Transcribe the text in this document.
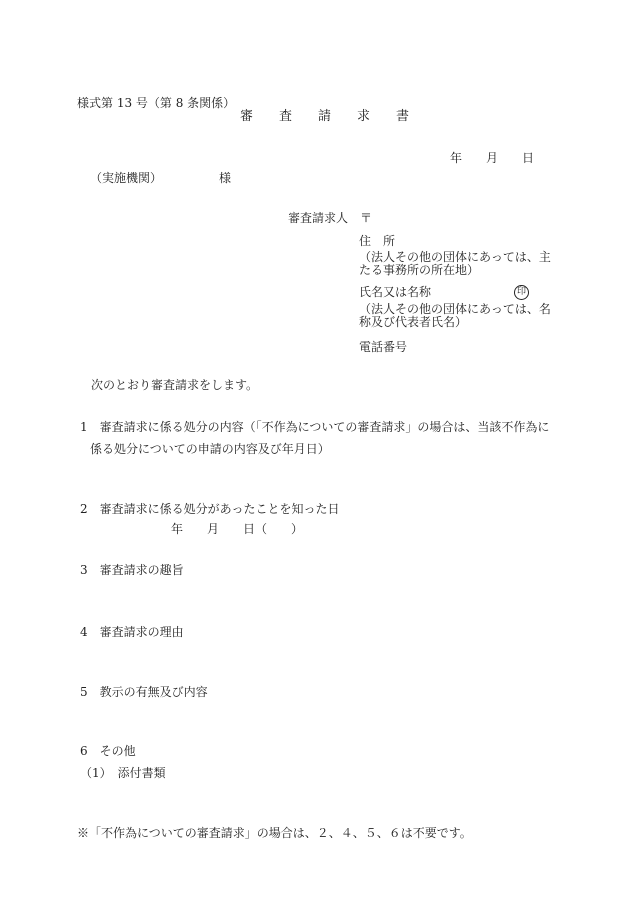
様式第 13 号（第 8 条関係）
審　　査　　請　　求　　書
年　　月　　日
（実施機関）	様
審査請求人 〒
住　所
（法人その他の団体にあっては、主
たる事務所の所在地）
氏名又は名称	印
（法人その他の団体にあっては、名
称及び代表者氏名）
電話番号
次のとおり審査請求をします。
1　審査請求に係る処分の内容（「不作為についての審査請求」の場合は、当該不作為に
係る処分についての申請の内容及び年月日）
2　審査請求に係る処分があったことを知った日
年　　月　　日（　　）
3　審査請求の趣旨
4　審査請求の理由
5　教示の有無及び内容
6　その他
（1）　添付書類
※「不作為についての審査請求」の場合は、２、４、５、６は不要です。
